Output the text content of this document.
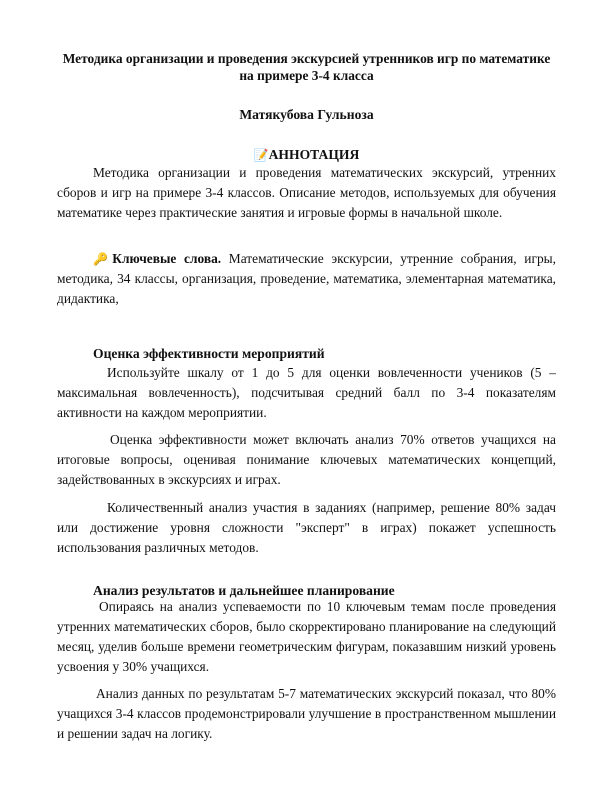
Методика организации и проведения экскурсией утренников игр по математике на примере 3-4 класса
Матякубова Гульноза
📝АННОТАЦИЯ

Методика организации и проведения математических экскурсий, утренних сборов и игр на примере 3-4 классов. Описание методов, используемых для обучения математике через практические занятия и игровые формы в начальной школе.

🔑Ключевые слова. Математические экскурсии, утренние собрания, игры, методика, 34 классы, организация, проведение, математика, элементарная математика, дидактика,

Оценка эффективности мероприятий

Используйте шкалу от 1 до 5 для оценки вовлеченности учеников (5 – максимальная вовлеченность), подсчитывая средний балл по 3-4 показателям активности на каждом мероприятии.

Оценка эффективности может включать анализ 70% ответов учащихся на итоговые вопросы, оценивая понимание ключевых математических концепций, задействованных в экскурсиях и играх.

Количественный анализ участия в заданиях (например, решение 80% задач или достижение уровня сложности "эксперт" в играх) покажет успешность использования различных методов.

Анализ результатов и дальнейшее планирование

Опираясь на анализ успеваемости по 10 ключевым темам после проведения утренних математических сборов, было скорректировано планирование на следующий месяц, уделив больше времени геометрическим фигурам, показавшим низкий уровень усвоения у 30% учащихся.

Анализ данных по результатам 5-7 математических экскурсий показал, что 80% учащихся 3-4 классов продемонстрировали улучшение в пространственном мышлении и решении задач на логику.
